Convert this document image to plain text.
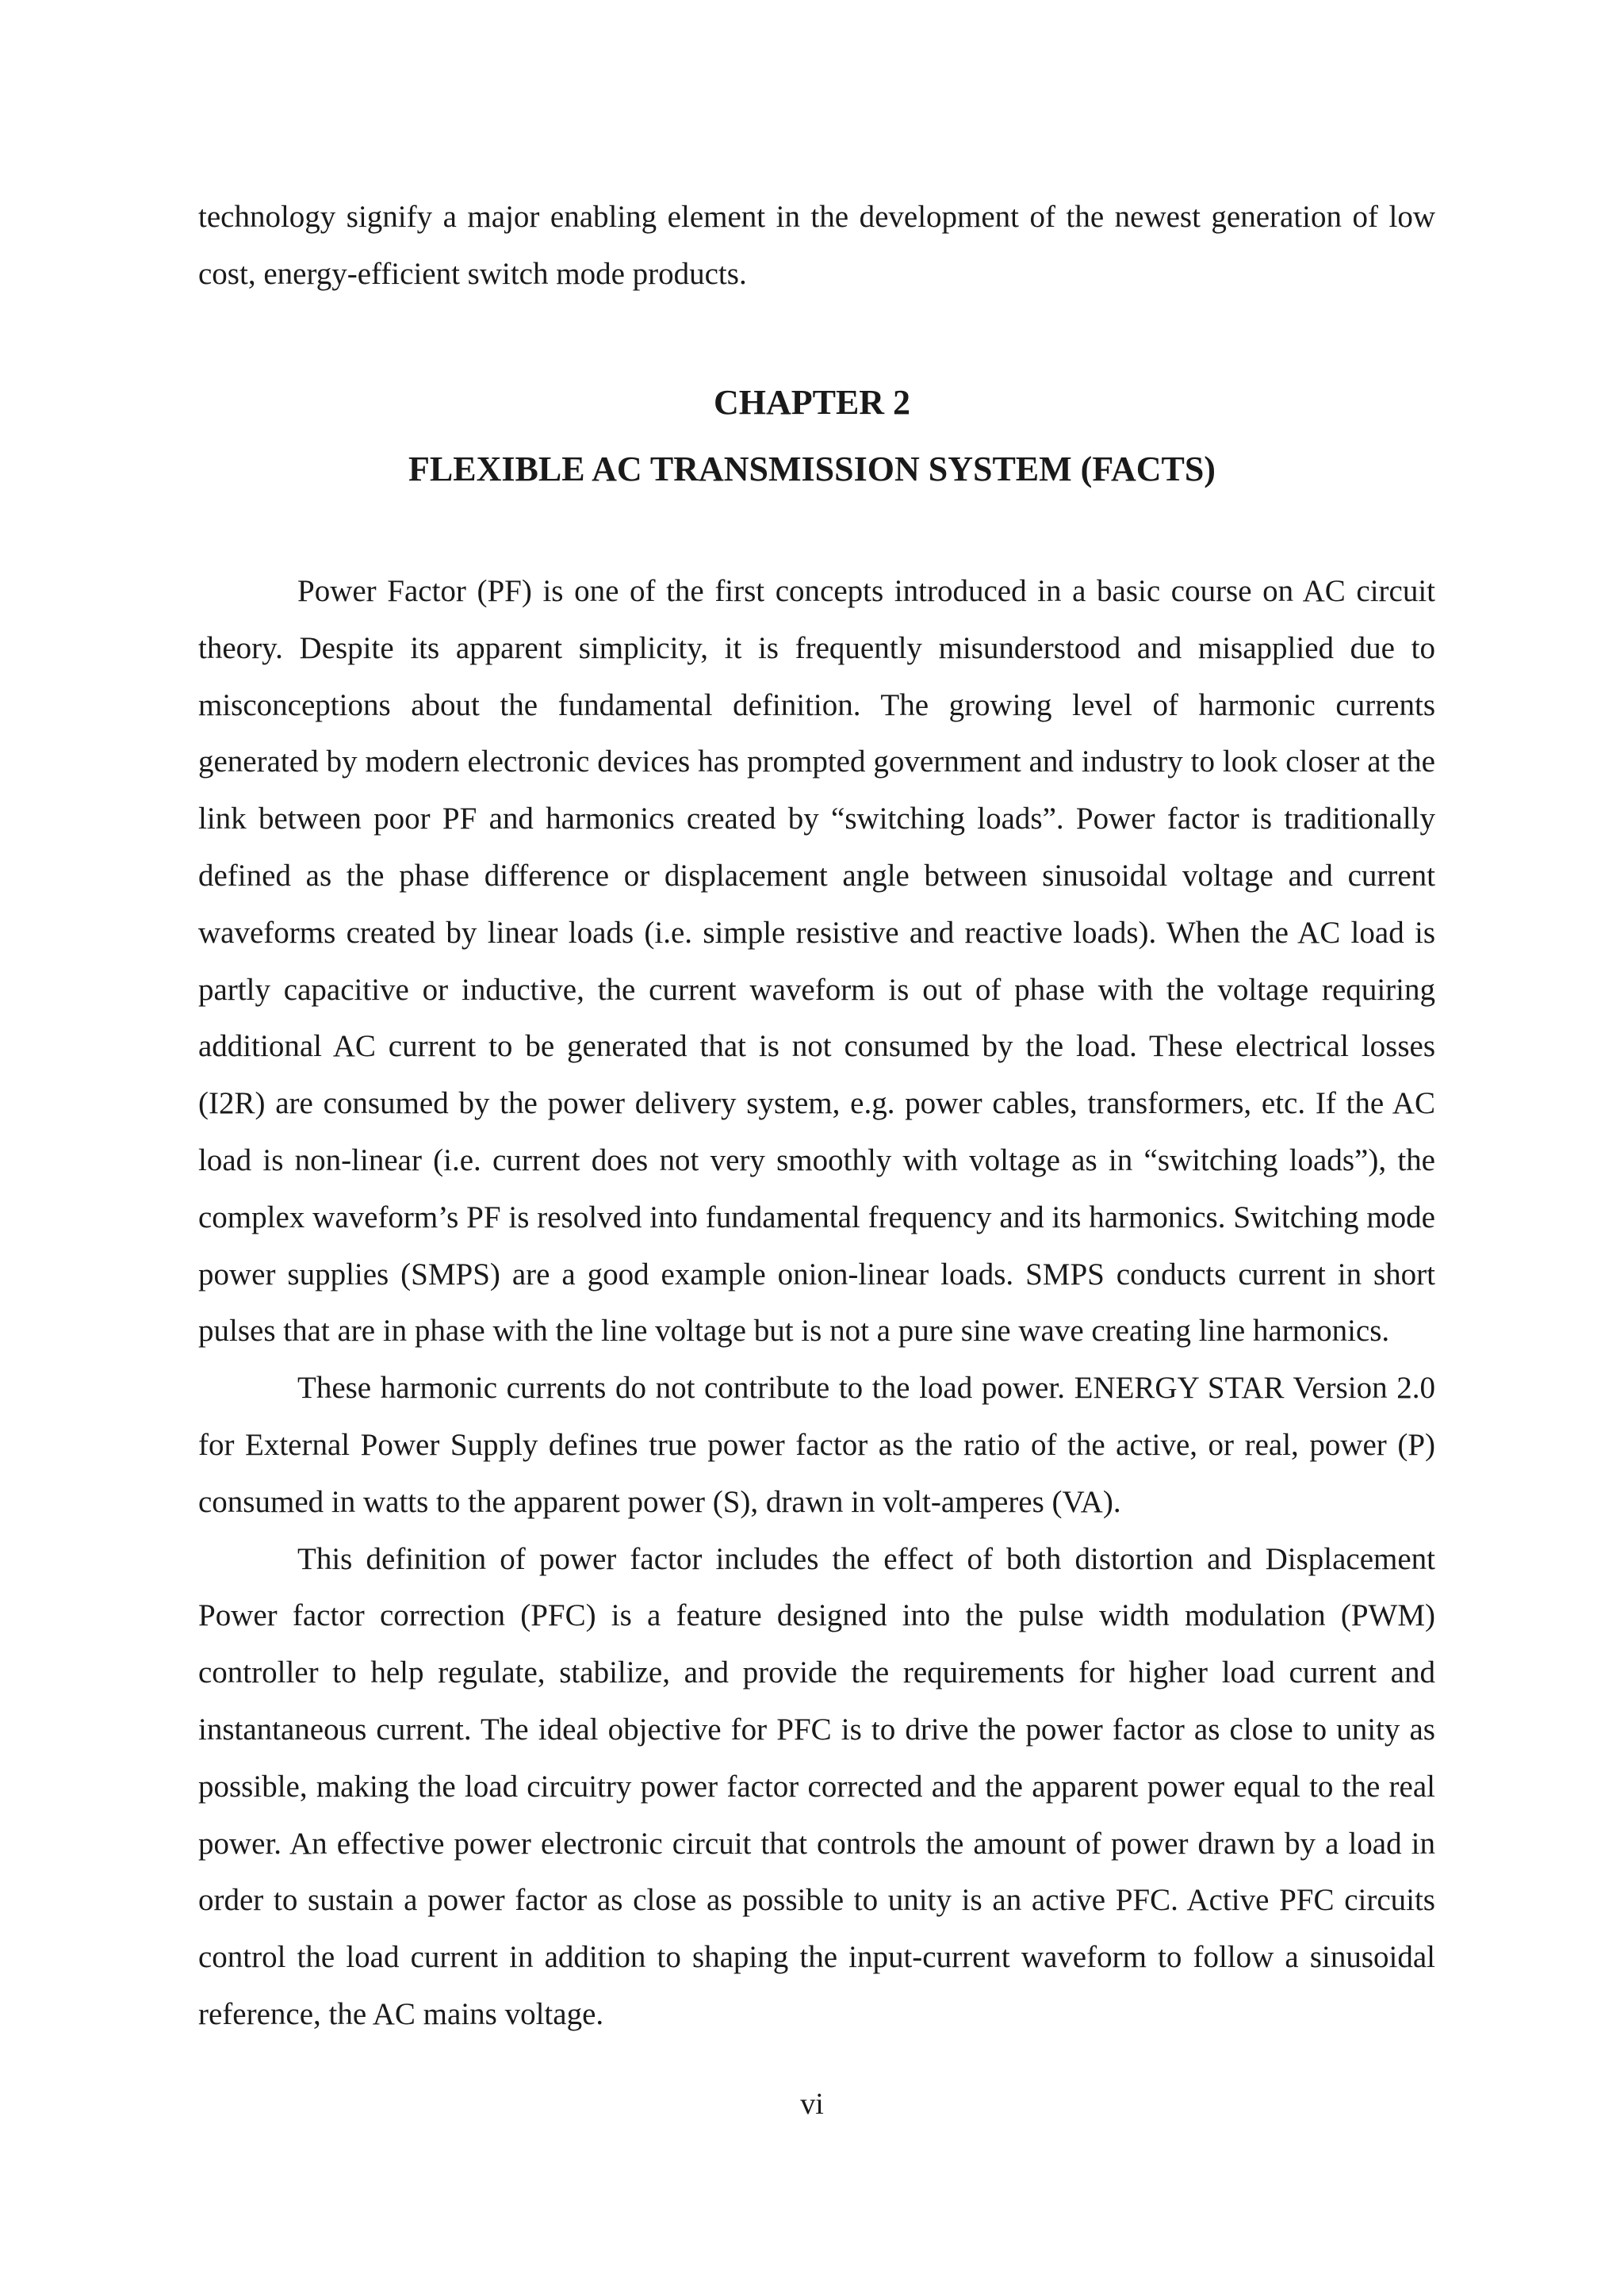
technology signify a major enabling element in the development of the newest generation of low cost, energy-efficient switch mode products.

CHAPTER 2
FLEXIBLE AC TRANSMISSION SYSTEM (FACTS)

Power Factor (PF) is one of the first concepts introduced in a basic course on AC circuit theory. Despite its apparent simplicity, it is frequently misunderstood and misapplied due to misconceptions about the fundamental definition. The growing level of harmonic currents generated by modern electronic devices has prompted government and industry to look closer at the link between poor PF and harmonics created by “switching loads”. Power factor is traditionally defined as the phase difference or displacement angle between sinusoidal voltage and current waveforms created by linear loads (i.e. simple resistive and reactive loads). When the AC load is partly capacitive or inductive, the current waveform is out of phase with the voltage requiring additional AC current to be generated that is not consumed by the load. These electrical losses (I2R) are consumed by the power delivery system, e.g. power cables, transformers, etc. If the AC load is non-linear (i.e. current does not very smoothly with voltage as in “switching loads”), the complex waveform’s PF is resolved into fundamental frequency and its harmonics. Switching mode power supplies (SMPS) are a good example onion-linear loads. SMPS conducts current in short pulses that are in phase with the line voltage but is not a pure sine wave creating line harmonics.

These harmonic currents do not contribute to the load power. ENERGY STAR Version 2.0 for External Power Supply defines true power factor as the ratio of the active, or real, power (P) consumed in watts to the apparent power (S), drawn in volt-amperes (VA).

This definition of power factor includes the effect of both distortion and Displacement Power factor correction (PFC) is a feature designed into the pulse width modulation (PWM) controller to help regulate, stabilize, and provide the requirements for higher load current and instantaneous current. The ideal objective for PFC is to drive the power factor as close to unity as possible, making the load circuitry power factor corrected and the apparent power equal to the real power. An effective power electronic circuit that controls the amount of power drawn by a load in order to sustain a power factor as close as possible to unity is an active PFC. Active PFC circuits control the load current in addition to shaping the input-current waveform to follow a sinusoidal reference, the AC mains voltage.

vi
